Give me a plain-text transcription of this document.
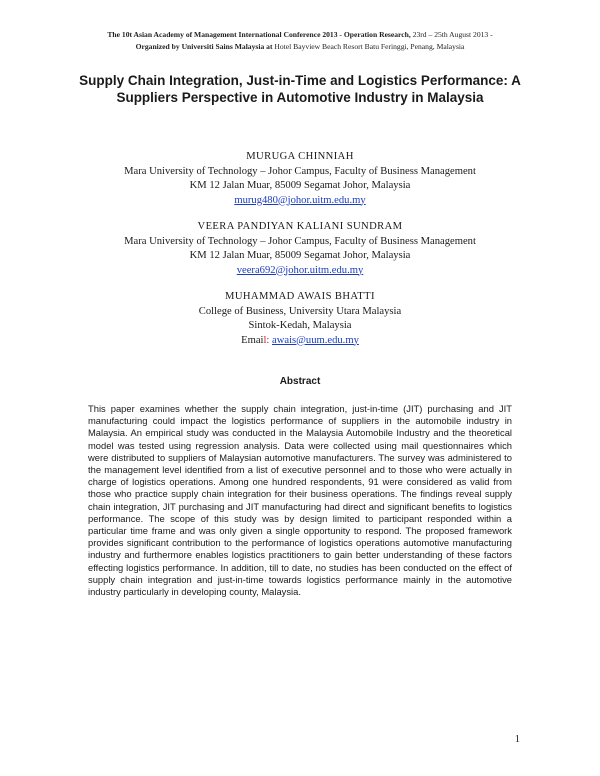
The 10t Asian Academy of Management International Conference 2013 - Operation Research, 23rd – 25th August 2013 -
Organized by Universiti Sains Malaysia at Hotel Bayview Beach Resort Batu Feringgi, Penang, Malaysia
Supply Chain Integration, Just-in-Time and Logistics Performance: A Suppliers Perspective in Automotive Industry in Malaysia
MURUGA CHINNIAH
Mara University of Technology – Johor Campus, Faculty of Business Management
KM 12 Jalan Muar, 85009 Segamat Johor, Malaysia
murug480@johor.uitm.edu.my
VEERA PANDIYAN KALIANI SUNDRAM
Mara University of Technology – Johor Campus, Faculty of Business Management
KM 12 Jalan Muar, 85009 Segamat Johor, Malaysia
veera692@johor.uitm.edu.my
MUHAMMAD AWAIS BHATTI
College of Business, University Utara Malaysia
Sintok-Kedah, Malaysia
Email: awais@uum.edu.my
Abstract
This paper examines whether the supply chain integration, just-in-time (JIT) purchasing and JIT manufacturing could impact the logistics performance of suppliers in the automobile industry in Malaysia. An empirical study was conducted in the Malaysia Automobile Industry and the theoretical model was tested using regression analysis. Data were collected using mail questionnaires which were distributed to suppliers of Malaysian automotive manufacturers. The survey was administered to the management level identified from a list of executive personnel and to those who were actually in charge of logistics operations. Among one hundred respondents, 91 were considered as valid from those who practice supply chain integration for their business operations. The findings reveal supply chain integration, JIT purchasing and JIT manufacturing had direct and significant benefits to logistics performance. The scope of this study was by design limited to participant responded within a particular time frame and was only given a single opportunity to respond. The proposed framework provides significant contribution to the performance of logistics operations automotive manufacturing industry and furthermore enables logistics practitioners to gain better understanding of these factors effecting logistics performance. In addition, till to date, no studies has been conducted on the effect of supply chain integration and just-in-time towards logistics performance mainly in the automotive industry particularly in developing county, Malaysia.
1
